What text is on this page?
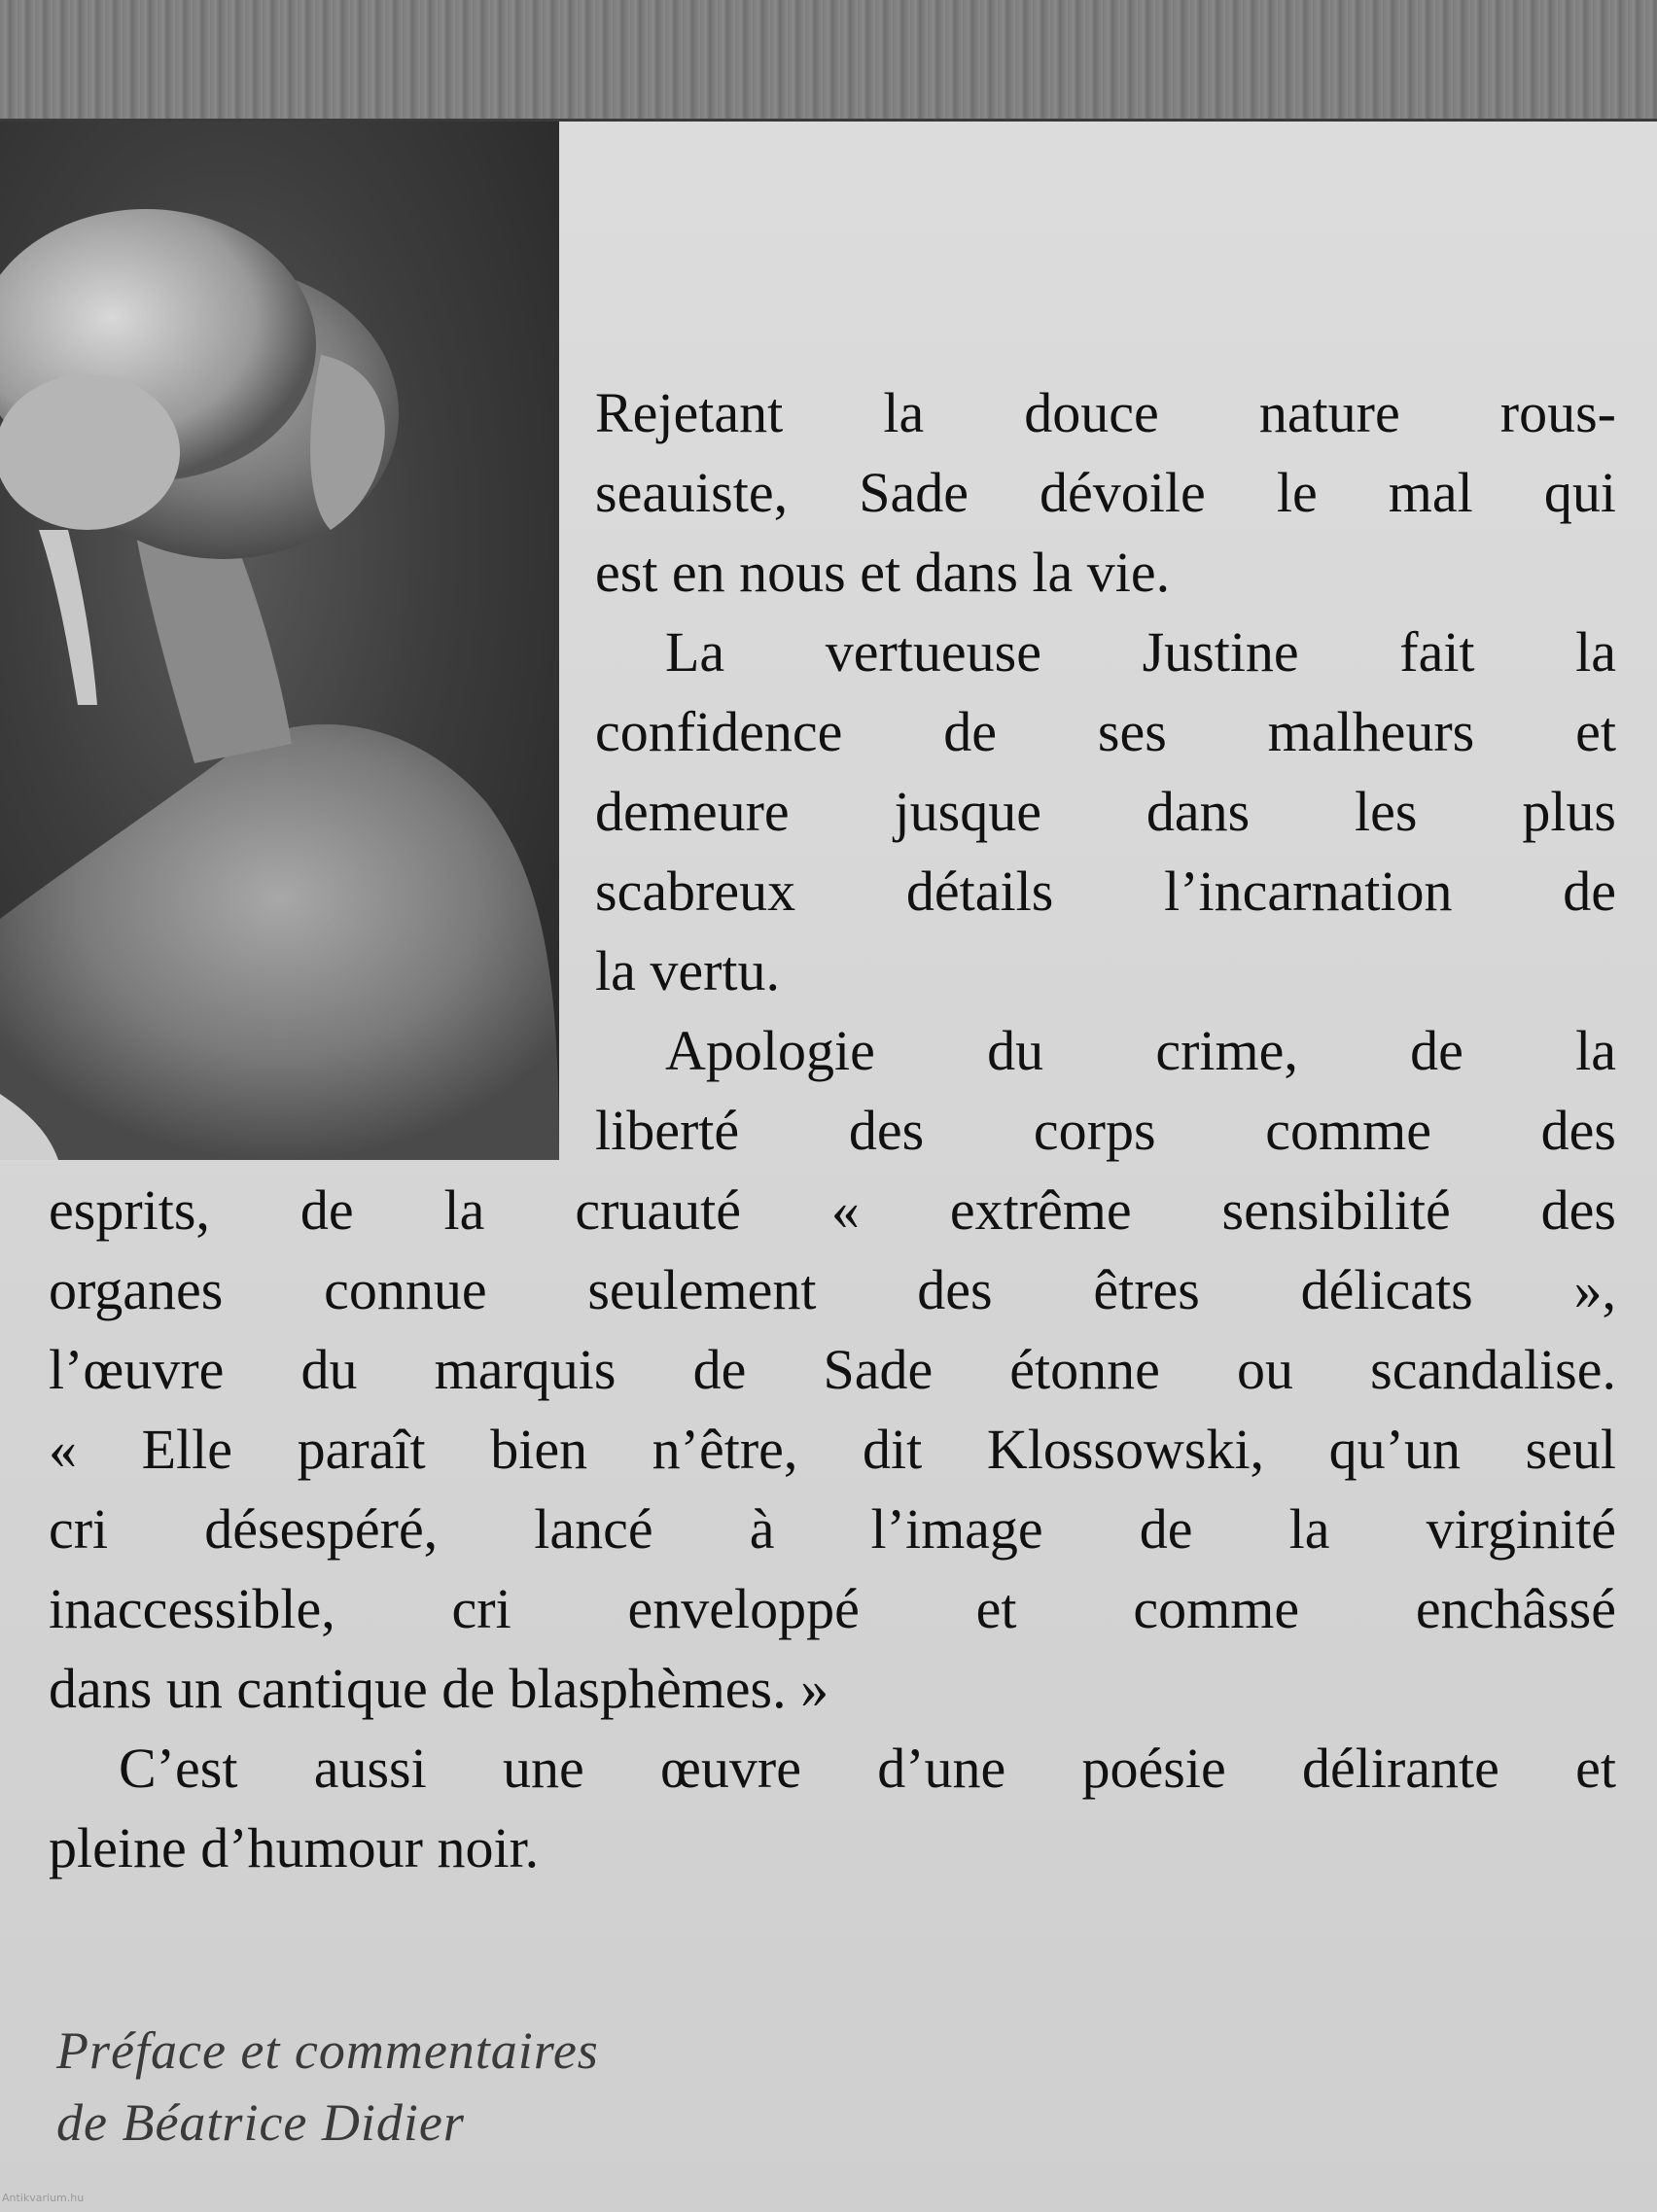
Rejetant la douce nature rous-
seauiste, Sade dévoile le mal qui
est en nous et dans la vie.
La vertueuse Justine fait la
confidence de ses malheurs et
demeure jusque dans les plus
scabreux détails l’incarnation de
la vertu.
Apologie du crime, de la
liberté des corps comme des
esprits, de la cruauté « extrême sensibilité des
organes connue seulement des êtres délicats »,
l’œuvre du marquis de Sade étonne ou scandalise.
« Elle paraît bien n’être, dit Klossowski, qu’un seul
cri désespéré, lancé à l’image de la virginité
inaccessible, cri enveloppé et comme enchâssé
dans un cantique de blasphèmes. »
C’est aussi une œuvre d’une poésie délirante et
pleine d’humour noir.
Préface et commentaires
de Béatrice Didier
Antikvarium.hu
